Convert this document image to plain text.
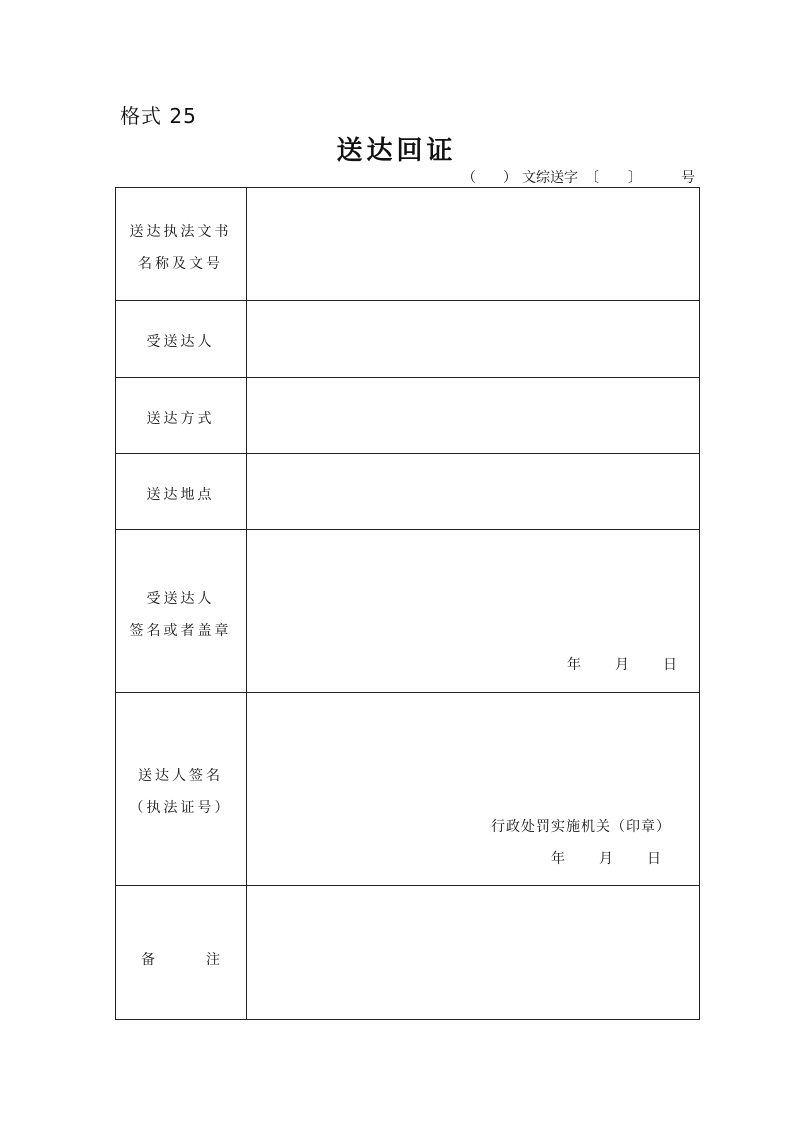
格式 25
送达回证
（ ） 文综送字 〔 〕	号
送达执法文书
名称及文号
受送达人
送达方式
送达地点
受送达人
签名或者盖章
年 月 日
送达人签名
（执法证号）
行政处罚实施机关（印章）
年 月 日
备	注
